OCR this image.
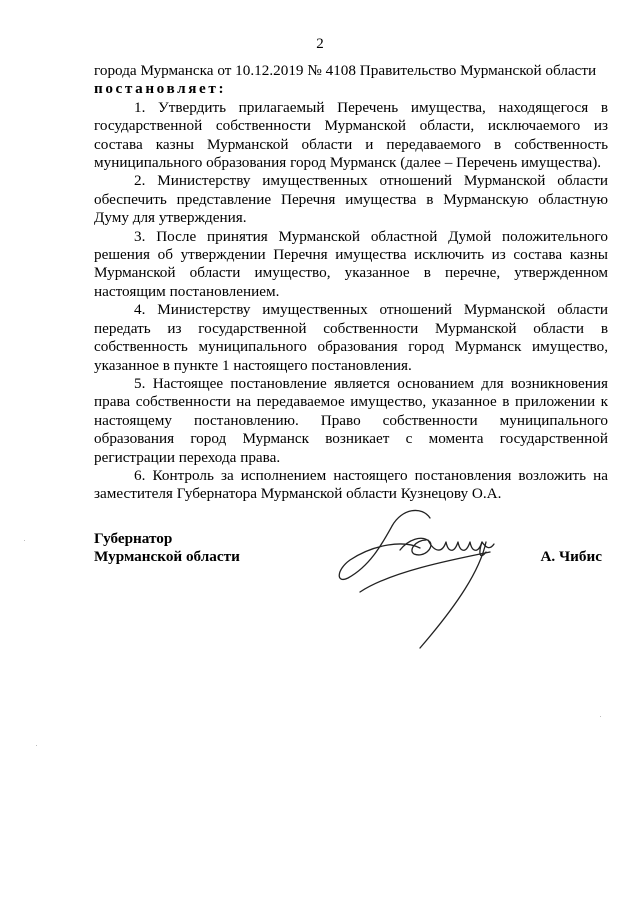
2

города Мурманска от 10.12.2019 № 4108 Правительство Мурманской области

постановляет:

1. Утвердить прилагаемый Перечень имущества, находящегося в государственной собственности Мурманской области, исключаемого из состава казны Мурманской области и передаваемого в собственность муниципального образования город Мурманск (далее – Перечень имущества).

2. Министерству имущественных отношений Мурманской области обеспечить представление Перечня имущества в Мурманскую областную Думу для утверждения.

3. После принятия Мурманской областной Думой положительного решения об утверждении Перечня имущества исключить из состава казны Мурманской области имущество, указанное в перечне, утвержденном настоящим постановлением.

4. Министерству имущественных отношений Мурманской области передать из государственной собственности Мурманской области в собственность муниципального образования город Мурманск имущество, указанное в пункте 1 настоящего постановления.

5. Настоящее постановление является основанием для возникновения права собственности на передаваемое имущество, указанное в приложении к настоящему постановлению. Право собственности муниципального образования город Мурманск возникает с момента государственной регистрации перехода права.

6. Контроль за исполнением настоящего постановления возложить на заместителя Губернатора Мурманской области Кузнецову О.А.

Губернатор
Мурманской области	А. Чибис
